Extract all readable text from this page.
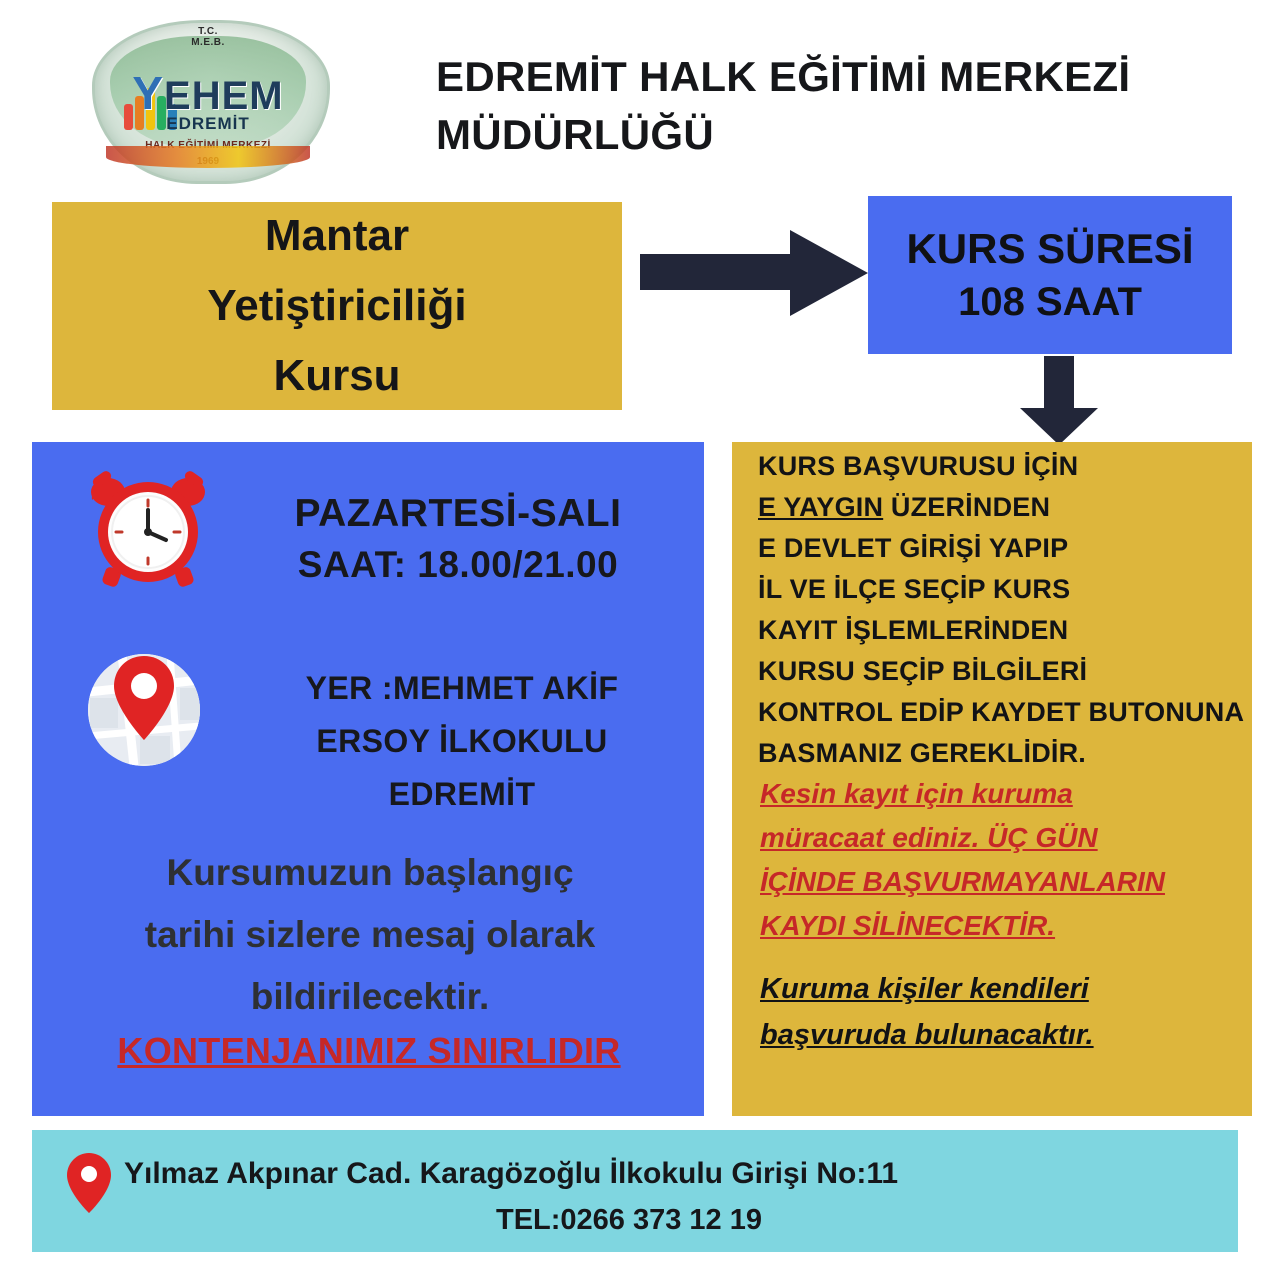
T.C.
M.E.B.
YEHEM
EDREMİT
EDREMİT HALK EĞİTİMİ MERKEZİ
MÜDÜRLÜĞÜ
Mantar
Yetiştiriciliği
Kursu
KURS SÜRESİ
108 SAAT
PAZARTESİ-SALI
SAAT: 18.00/21.00
YER :MEHMET AKİF
ERSOY İLKOKULU
EDREMİT
Kursumuzun başlangıç
tarihi sizlere mesaj olarak
bildirilecektir.
KONTENJANIMIZ SINIRLIDIR
KURS BAŞVURUSU İÇİN
E YAYGIN ÜZERİNDEN
E DEVLET GİRİŞİ YAPIP
İL VE İLÇE SEÇİP KURS
KAYIT İŞLEMLERİNDEN
KURSU SEÇİP BİLGİLERİ
KONTROL EDİP KAYDET BUTONUNA
BASMANIZ GEREKLİDİR.
Kesin kayıt için kuruma
müracaat ediniz. ÜÇ GÜN
İÇİNDE BAŞVURMAYANLARIN
KAYDI SİLİNECEKTİR.
Kuruma kişiler kendileri
başvuruda bulunacaktır.
Yılmaz Akpınar Cad. Karagözoğlu İlkokulu Girişi No:11
TEL:0266 373 12 19
